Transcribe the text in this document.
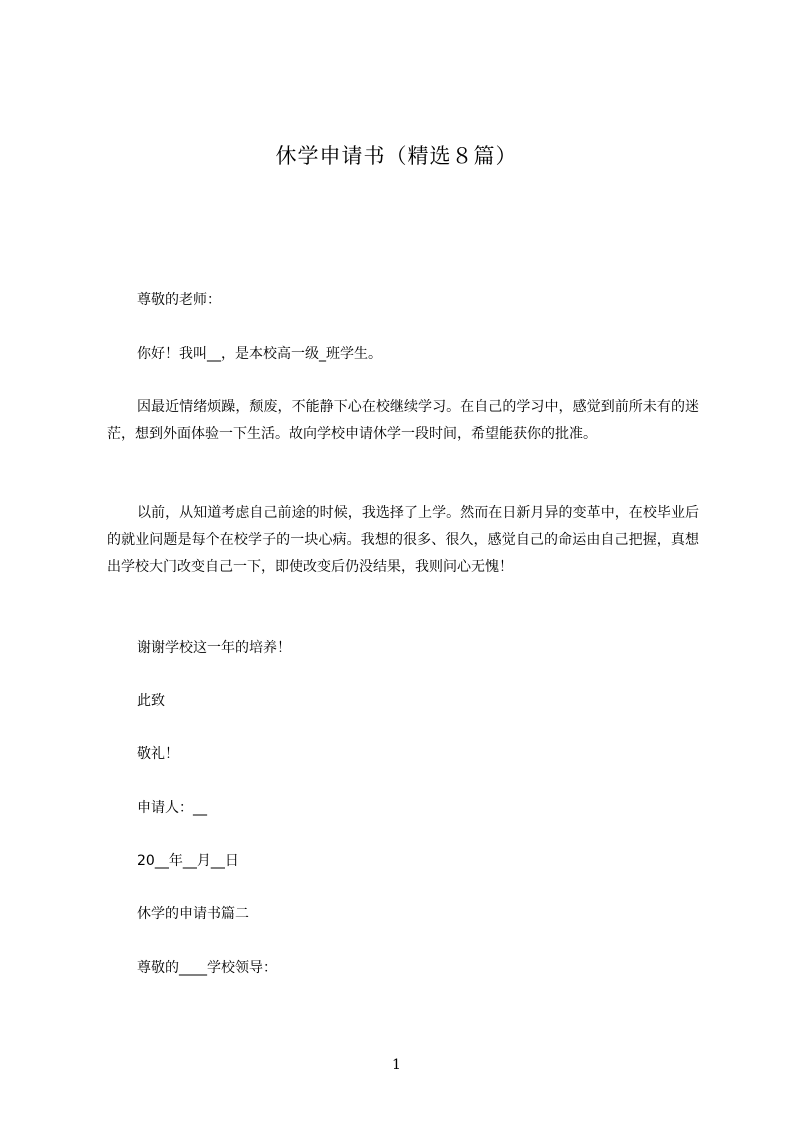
休学申请书（精选８篇）
尊敬的老师：
你好！我叫__，是本校高一级_班学生。
因最近情绪烦躁，颓废，不能静下心在校继续学习。在自己的学习中，感觉到前所未有的迷茫，想到外面体验一下生活。故向学校申请休学一段时间，希望能获你的批准。
以前，从知道考虑自己前途的时候，我选择了上学。然而在日新月异的变革中，在校毕业后的就业问题是每个在校学子的一块心病。我想的很多、很久，感觉自己的命运由自己把握，真想出学校大门改变自己一下，即使改变后仍没结果，我则问心无愧！
谢谢学校这一年的培养！
此致
敬礼！
申请人：__
20__年__月__日
休学的申请书篇二
尊敬的____学校领导：
1
